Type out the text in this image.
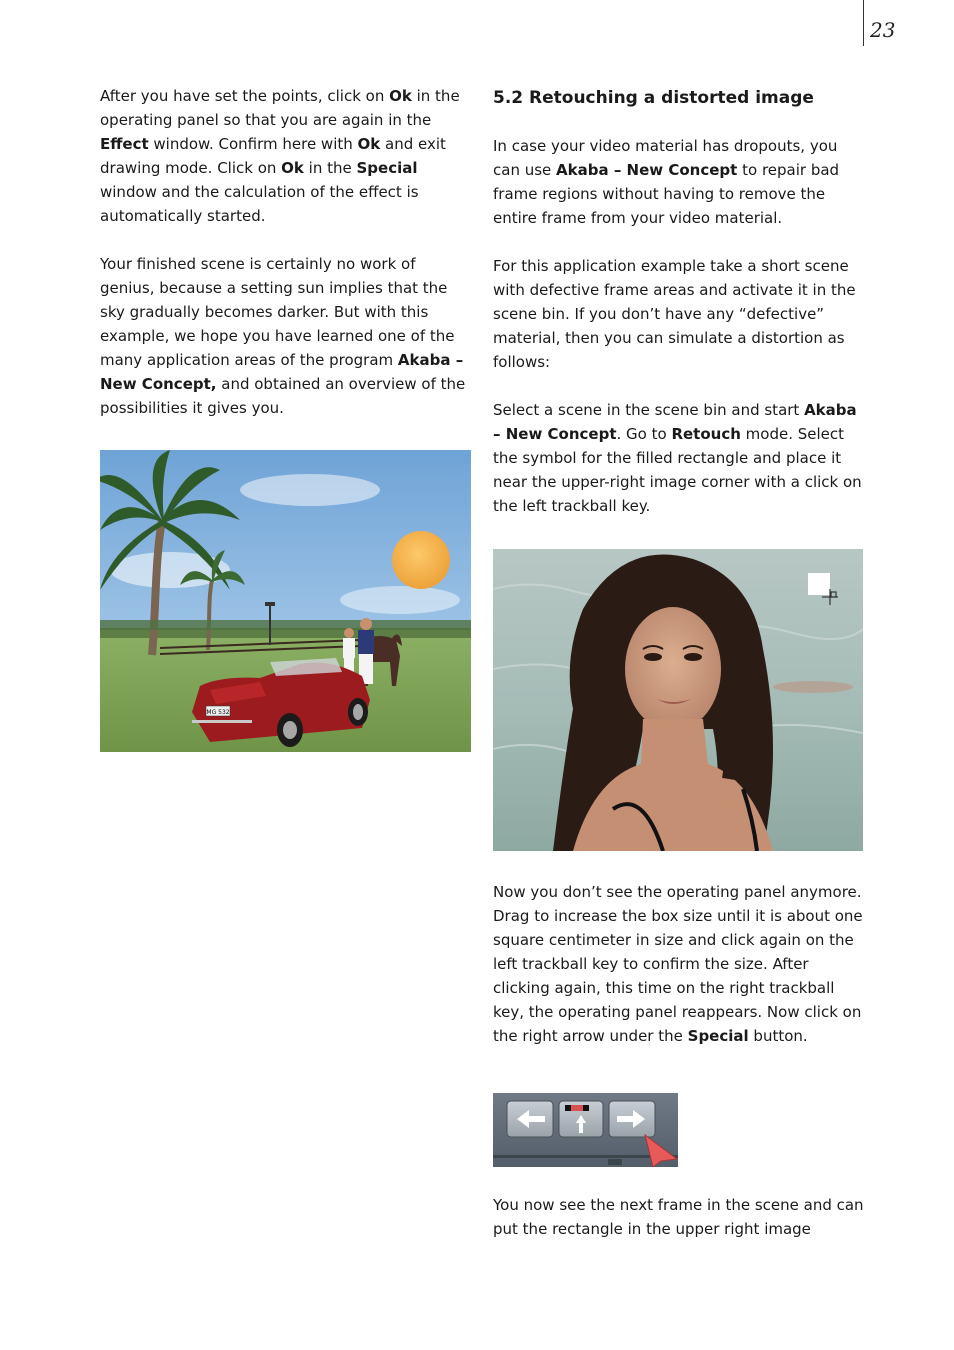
23

After you have set the points, click on Ok in the operating panel so that you are again in the Effect window. Confirm here with Ok and exit drawing mode. Click on Ok in the Special window and the calculation of the effect is automatically started.

Your finished scene is certainly no work of genius, because a setting sun implies that the sky gradually becomes darker. But with this example, we hope you have learned one of the many application areas of the program Akaba – New Concept, and obtained an overview of the possibilities it gives you.

MG 532
5.2 Retouching a distorted image

In case your video material has dropouts, you can use Akaba – New Concept to repair bad frame regions without having to remove the entire frame from your video material.

For this application example take a short scene with defective frame areas and activate it in the scene bin. If you don’t have any “defective” material, then you can simulate a distortion as follows:

Select a scene in the scene bin and start Akaba – New Concept. Go to Retouch mode. Select the symbol for the filled rectangle and place it near the upper-right image corner with a click on the left trackball key.

Now you don’t see the operating panel anymore. Drag to increase the box size until it is about one square centimeter in size and click again on the left trackball key to confirm the size. After clicking again, this time on the right trackball key, the operating panel reappears. Now click on the right arrow under the Special button.

You now see the next frame in the scene and can put the rectangle in the upper right image
